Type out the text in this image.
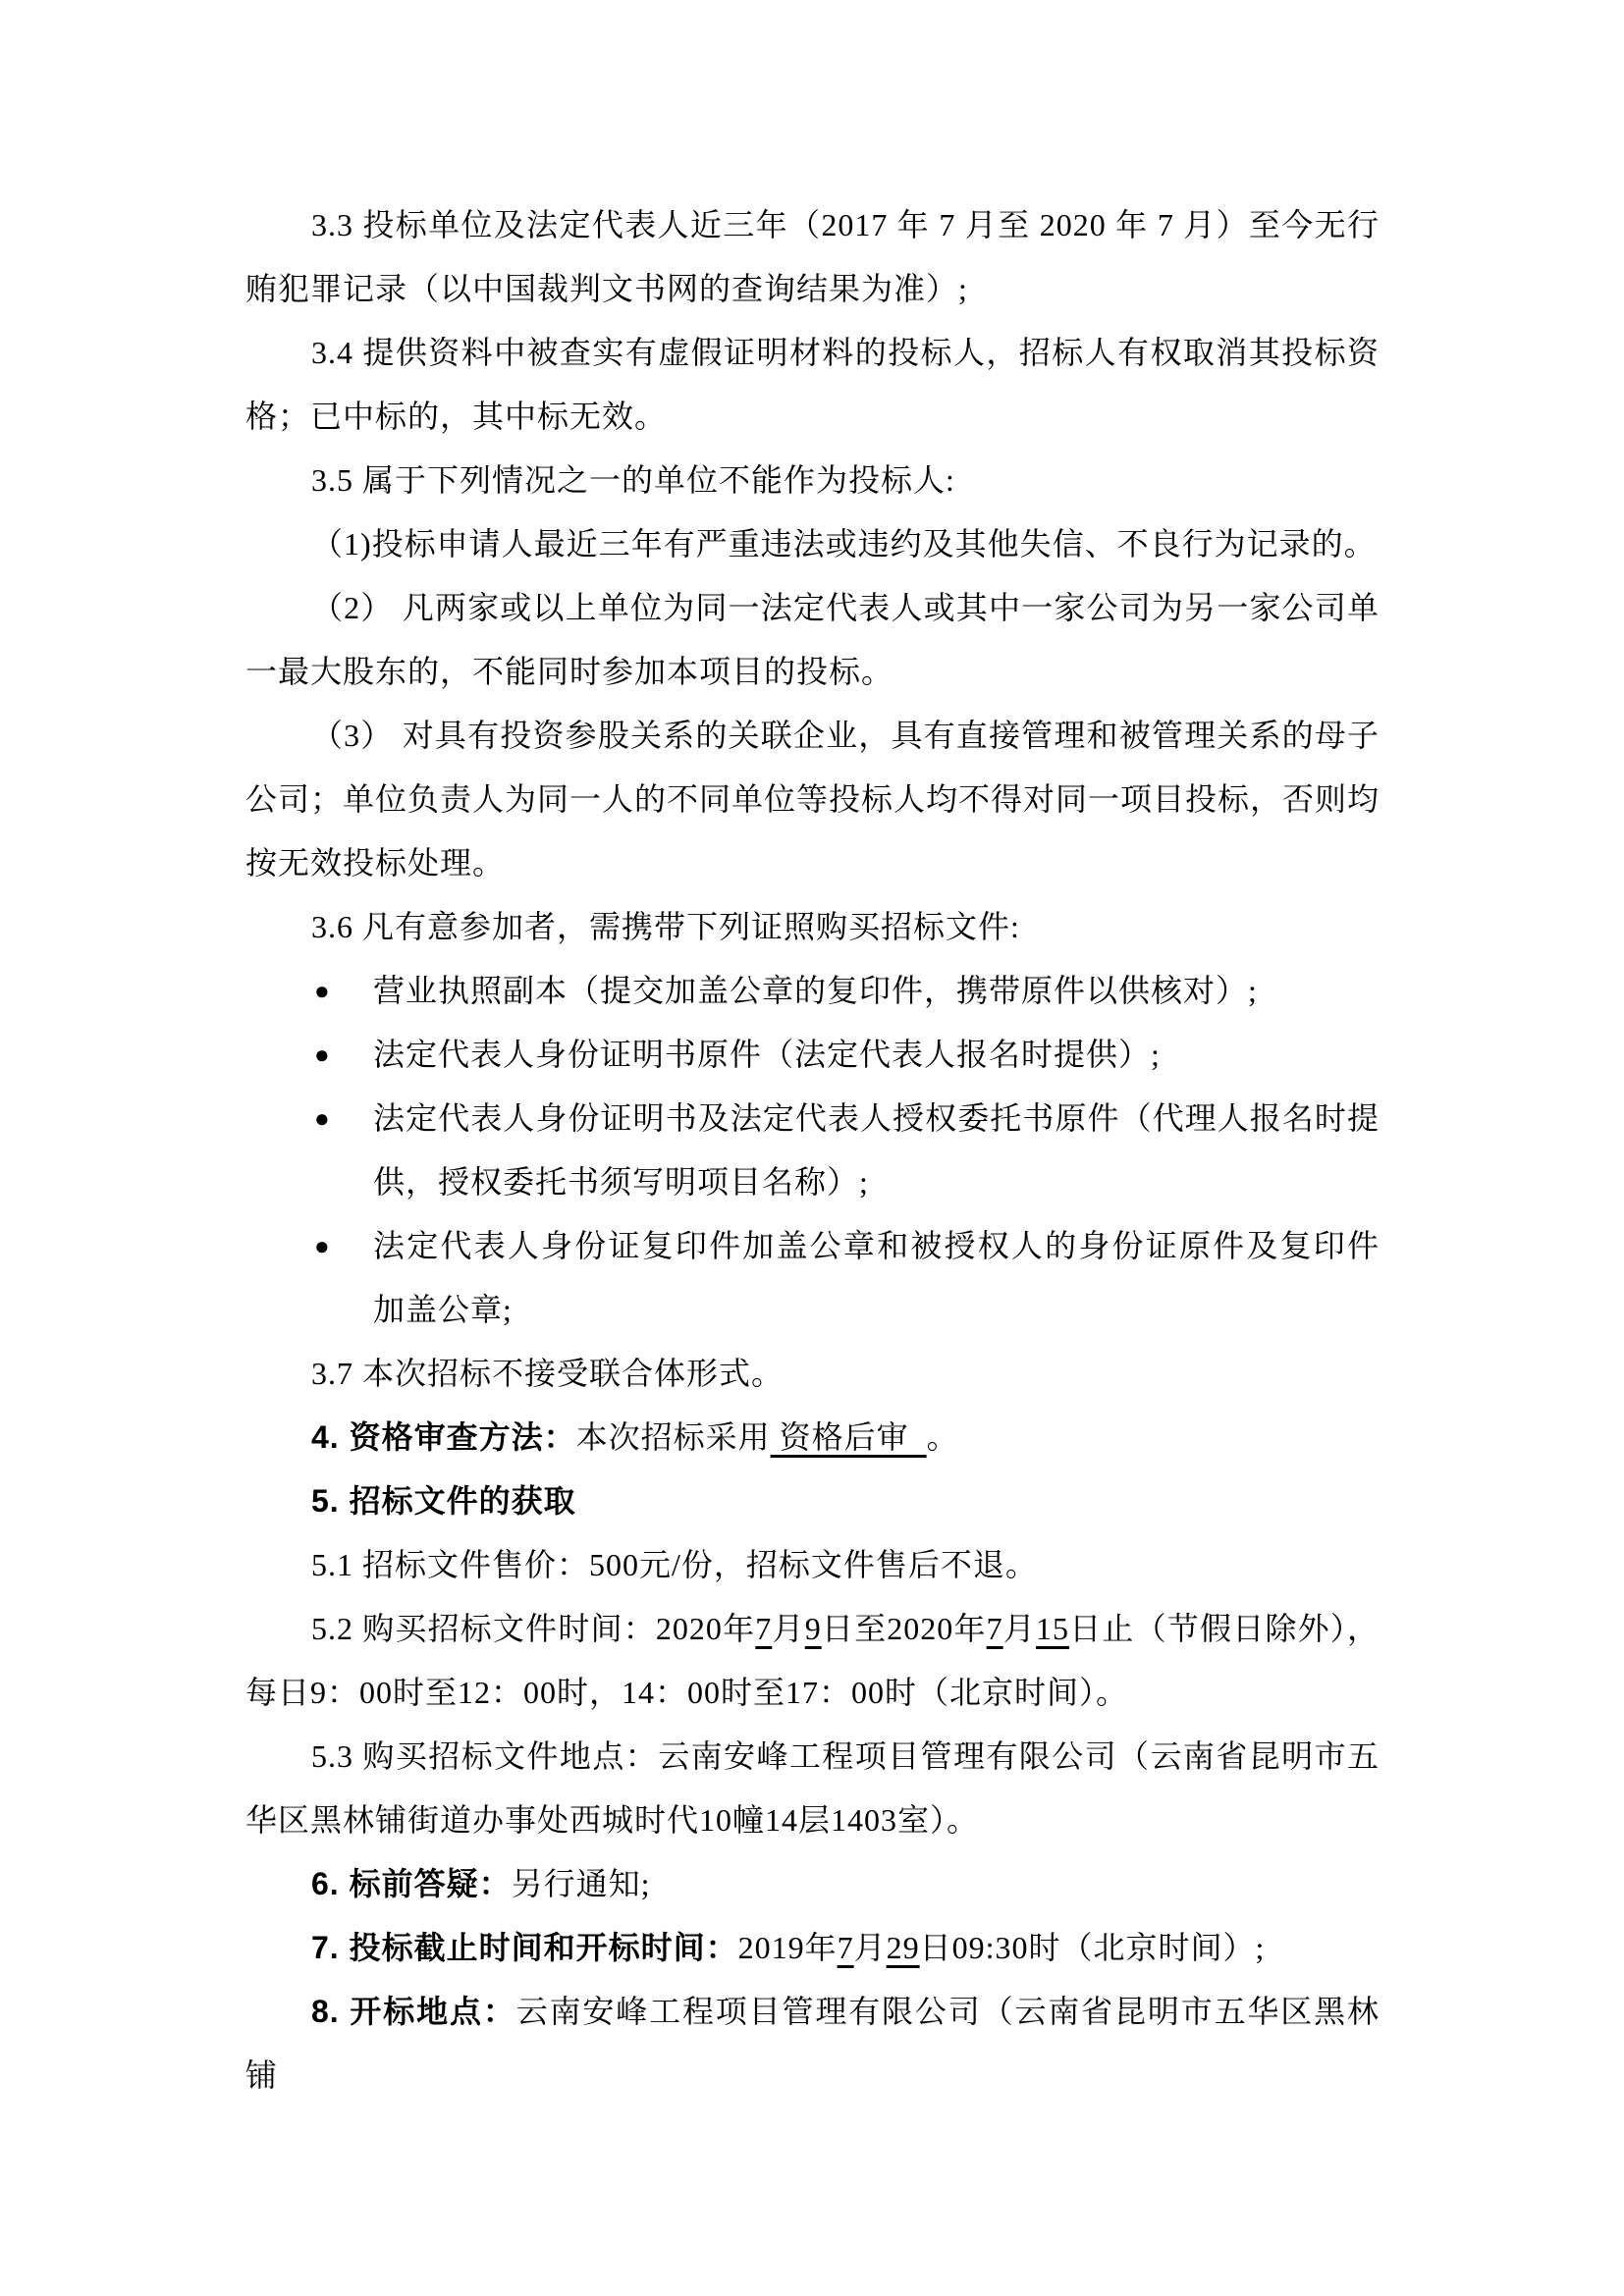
3.3 投标单位及法定代表人近三年（2017 年 7 月至 2020 年 7 月）至今无行
贿犯罪记录（以中国裁判文书网的查询结果为准）;
3.4 提供资料中被查实有虚假证明材料的投标人，招标人有权取消其投标资
格；已中标的，其中标无效。
3.5 属于下列情况之一的单位不能作为投标人:
（1)投标申请人最近三年有严重违法或违约及其他失信、不良行为记录的。
（2） 凡两家或以上单位为同一法定代表人或其中一家公司为另一家公司单
一最大股东的，不能同时参加本项目的投标。
（3） 对具有投资参股关系的关联企业，具有直接管理和被管理关系的母子
公司；单位负责人为同一人的不同单位等投标人均不得对同一项目投标，否则均
按无效投标处理。
3.6 凡有意参加者，需携带下列证照购买招标文件:
● 营业执照副本（提交加盖公章的复印件，携带原件以供核对）;
● 法定代表人身份证明书原件（法定代表人报名时提供）;
● 法定代表人身份证明书及法定代表人授权委托书原件（代理人报名时提
供，授权委托书须写明项目名称）;
● 法定代表人身份证复印件加盖公章和被授权人的身份证原件及复印件
加盖公章;
3.7 本次招标不接受联合体形式。
4. 资格审查方法：本次招标采用 资格后审  。
5. 招标文件的获取
5.1 招标文件售价：500元/份，招标文件售后不退。
5.2 购买招标文件时间：2020年7月9日至2020年7月15日止（节假日除外），
每日9：00时至12：00时，14：00时至17：00时（北京时间）。
5.3 购买招标文件地点：云南安峰工程项目管理有限公司（云南省昆明市五
华区黑林铺街道办事处西城时代10幢14层1403室）。
6. 标前答疑：另行通知;
7. 投标截止时间和开标时间：2019年7月29日09:30时（北京时间）;
8. 开标地点：云南安峰工程项目管理有限公司（云南省昆明市五华区黑林铺
